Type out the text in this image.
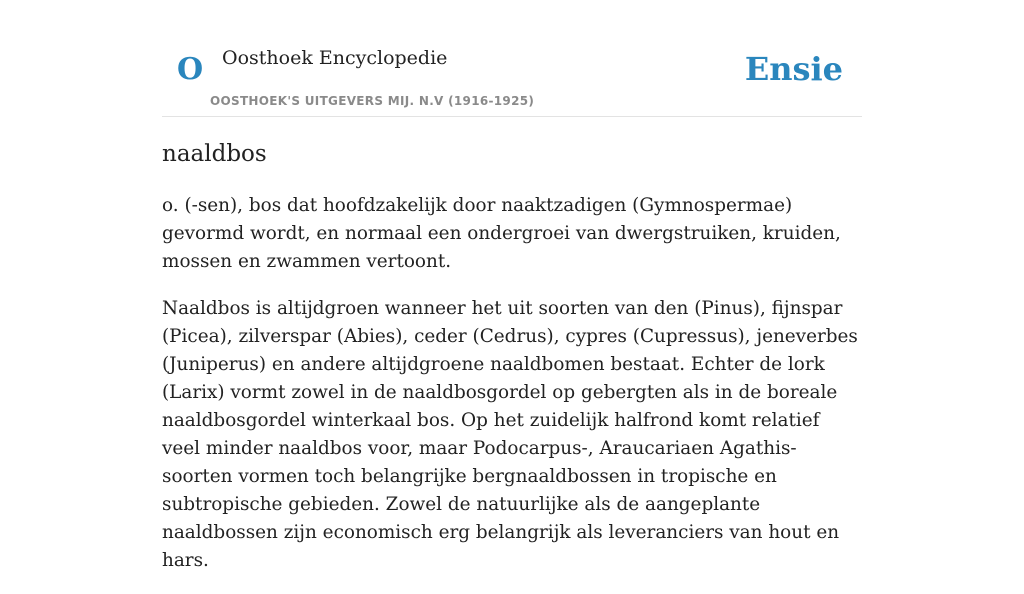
O Oosthoek Encyclopedie
OOSTHOEK'S UITGEVERS MIJ. N.V (1916-1925)
Ensie
naaldbos

o. (-sen), bos dat hoofdzakelijk door naaktzadigen (Gymnospermae) gevormd wordt, en normaal een ondergroei van dwergstruiken, kruiden, mossen en zwammen vertoont.

Naaldbos is altijdgroen wanneer het uit soorten van den (Pinus), fijnspar (Picea), zilverspar (Abies), ceder (Cedrus), cypres (Cupressus), jeneverbes (Juniperus) en andere altijdgroene naaldbomen bestaat. Echter de lork (Larix) vormt zowel in de naaldbosgordel op gebergten als in de boreale naaldbosgordel winterkaal bos. Op het zuidelijk halfrond komt relatief veel minder naaldbos voor, maar Podocarpus-, Araucariaen Agathis-soorten vormen toch belangrijke bergnaaldbossen in tropische en subtropische gebieden. Zowel de natuurlijke als de aangeplante naaldbossen zijn economisch erg belangrijk als leveranciers van hout en hars.
